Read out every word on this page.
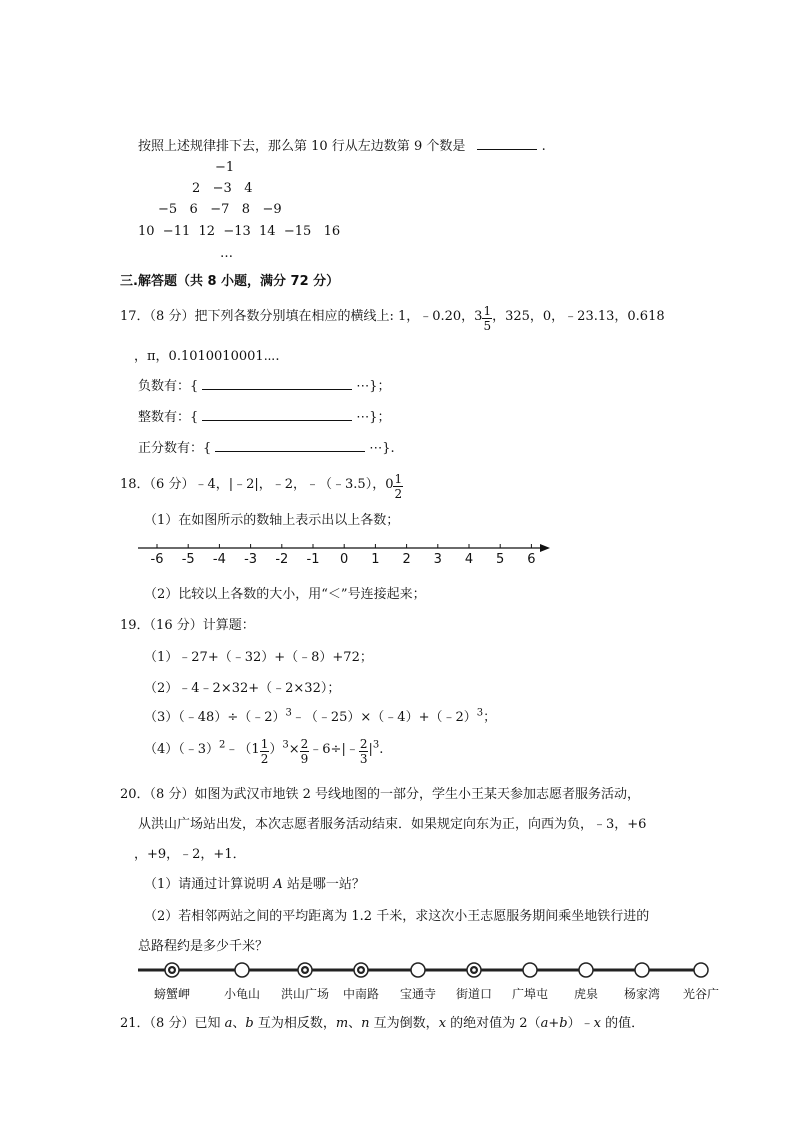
按照上述规律排下去，那么第 10 行从左边数第 9 个数是	.
−1
2   −3   4
−5   6   −7   8   −9
10  −11  12  −13  14  −15   16
…
三.解答题（共 8 小题，满分 72 分）
17．（8 分）把下列各数分别填在相应的横线上: 1，﹣0.20，$3 \frac{1}{5}$ ，325，0，﹣23.13，0.618
，π，0.1010010001⋯.
负数有：{	⋯}；
整数有：{	⋯}；
正分数有：{	⋯}.
18．（6 分）﹣4，|﹣2|，﹣2，﹣（﹣3.5），$0 \frac{1}{2}$
（1）在如图所示的数轴上表示出以上各数；
-6 -5 -4 -3 -2 -1 0 1 2 3 4 5 6
（2）比较以上各数的大小，用“＜”号连接起来；
19．（16 分）计算题：
（1）﹣27+（﹣32）+（﹣8）+72；
（2）﹣4﹣2×32+（﹣2×32）；
（3）（﹣48）÷（﹣2）$^3$﹣（﹣25）×（﹣4）+（﹣2）$^3$；
（4）（﹣3）$^2$﹣（1 $\frac{1}{2} )^3\times \frac{2}{9}$ ﹣6÷|﹣ $\frac{2}{3} |^3$.
20．（8 分）如图为武汉市地铁 2 号线地图的一部分，学生小王某天参加志愿者服务活动，
从洪山广场站出发，本次志愿者服务活动结束．如果规定向东为正，向西为负，﹣3，+6
，+9，﹣2，+1．
（1）请通过计算说明 A 站是哪一站？
（2）若相邻两站之间的平均距离为 1.2 千米，求这次小王志愿服务期间乘坐地铁行进的
总路程约是多少千米？
螃蟹岬	小龟山 洪山广场 中南路 宝通寺 街道口 广埠屯 虎泉 杨家湾 光谷广
21．（8 分）已知 a、b 互为相反数，m、n 互为倒数，x 的绝对值为 2（a+b）﹣x 的值．
